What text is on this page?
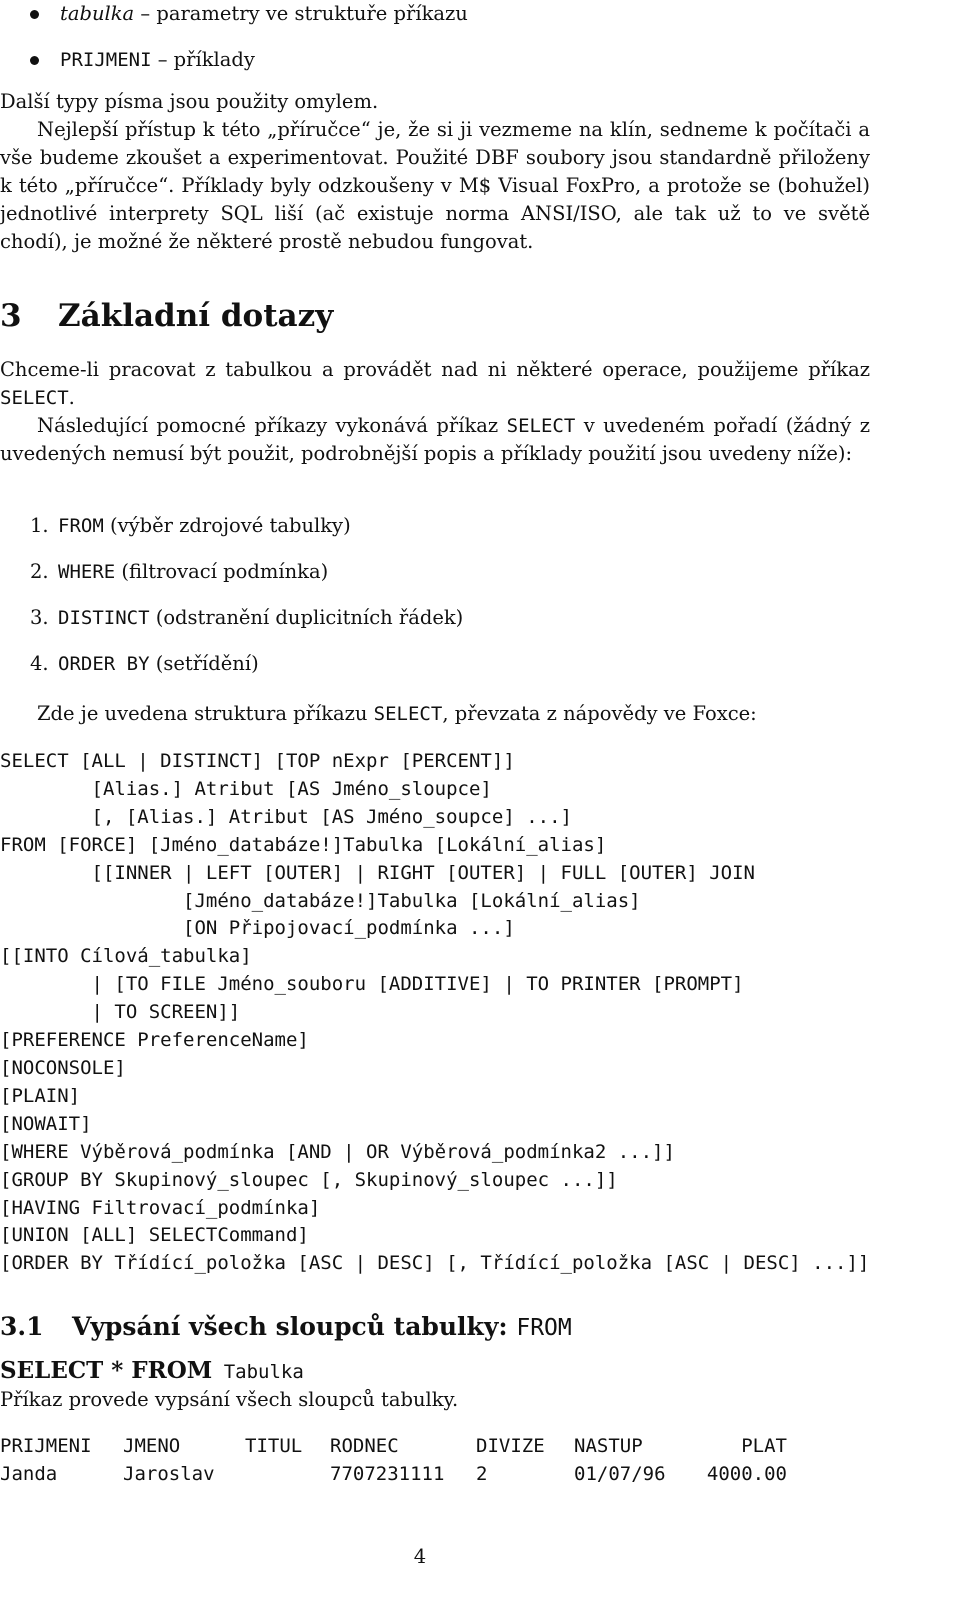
tabulka – parametry ve struktuře příkazu
PRIJMENI – příklady

Další typy písma jsou použity omylem.

Nejlepší přístup k této „příručce“ je, že si ji vezmeme na klín, sedneme k počítači a vše budeme zkoušet a experimentovat. Použité DBF soubory jsou standardně přiloženy k této „příručce“. Příklady byly odzkoušeny v M$ Visual FoxPro, a protože se (bohužel) jednotlivé interprety SQL liší (ač existuje norma ANSI/ISO, ale tak už to ve světě chodí), je možné že některé prostě nebudou fungovat.

3 Základní dotazy

Chceme-li pracovat z tabulkou a provádět nad ni některé operace, použijeme příkaz SELECT.

Následující pomocné příkazy vykonává příkaz SELECT v uvedeném pořadí (žádný z uvedených nemusí být použit, podrobnější popis a příklady použití jsou uvedeny níže):

1. FROM (výběr zdrojové tabulky)
2. WHERE (filtrovací podmínka)
3. DISTINCT (odstranění duplicitních řádek)
4. ORDER BY (setřídění)

Zde je uvedena struktura příkazu SELECT, převzata z nápovědy ve Foxce:

SELECT [ALL | DISTINCT] [TOP nExpr [PERCENT]]
[Alias.] Atribut [AS Jméno_sloupce]
[, [Alias.] Atribut [AS Jméno_soupce] ...]
FROM [FORCE] [Jméno_databáze!]Tabulka [Lokální_alias]
[[INNER | LEFT [OUTER] | RIGHT [OUTER] | FULL [OUTER] JOIN
[Jméno_databáze!]Tabulka [Lokální_alias]
[ON Připojovací_podmínka ...]
[[INTO Cílová_tabulka]
| [TO FILE Jméno_souboru [ADDITIVE] | TO PRINTER [PROMPT]
| TO SCREEN]]
[PREFERENCE PreferenceName]
[NOCONSOLE]
[PLAIN]
[NOWAIT]
[WHERE Výběrová_podmínka [AND | OR Výběrová_podmínka2 ...]]
[GROUP BY Skupinový_sloupec [, Skupinový_sloupec ...]]
[HAVING Filtrovací_podmínka]
[UNION [ALL] SELECTCommand]
[ORDER BY Třídící_položka [ASC | DESC] [, Třídící_položka [ASC | DESC] ...]]
3.1 Vypsání všech sloupců tabulky: FROM
SELECT * FROM Tabulka

Příkaz provede vypsání všech sloupců tabulky.

PRIJMENI	JMENO	TITUL	RODNEC	DIVIZE	NASTUP	PLAT
Janda	Jaroslav		7707231111	2	01/07/96	4000.00
4
